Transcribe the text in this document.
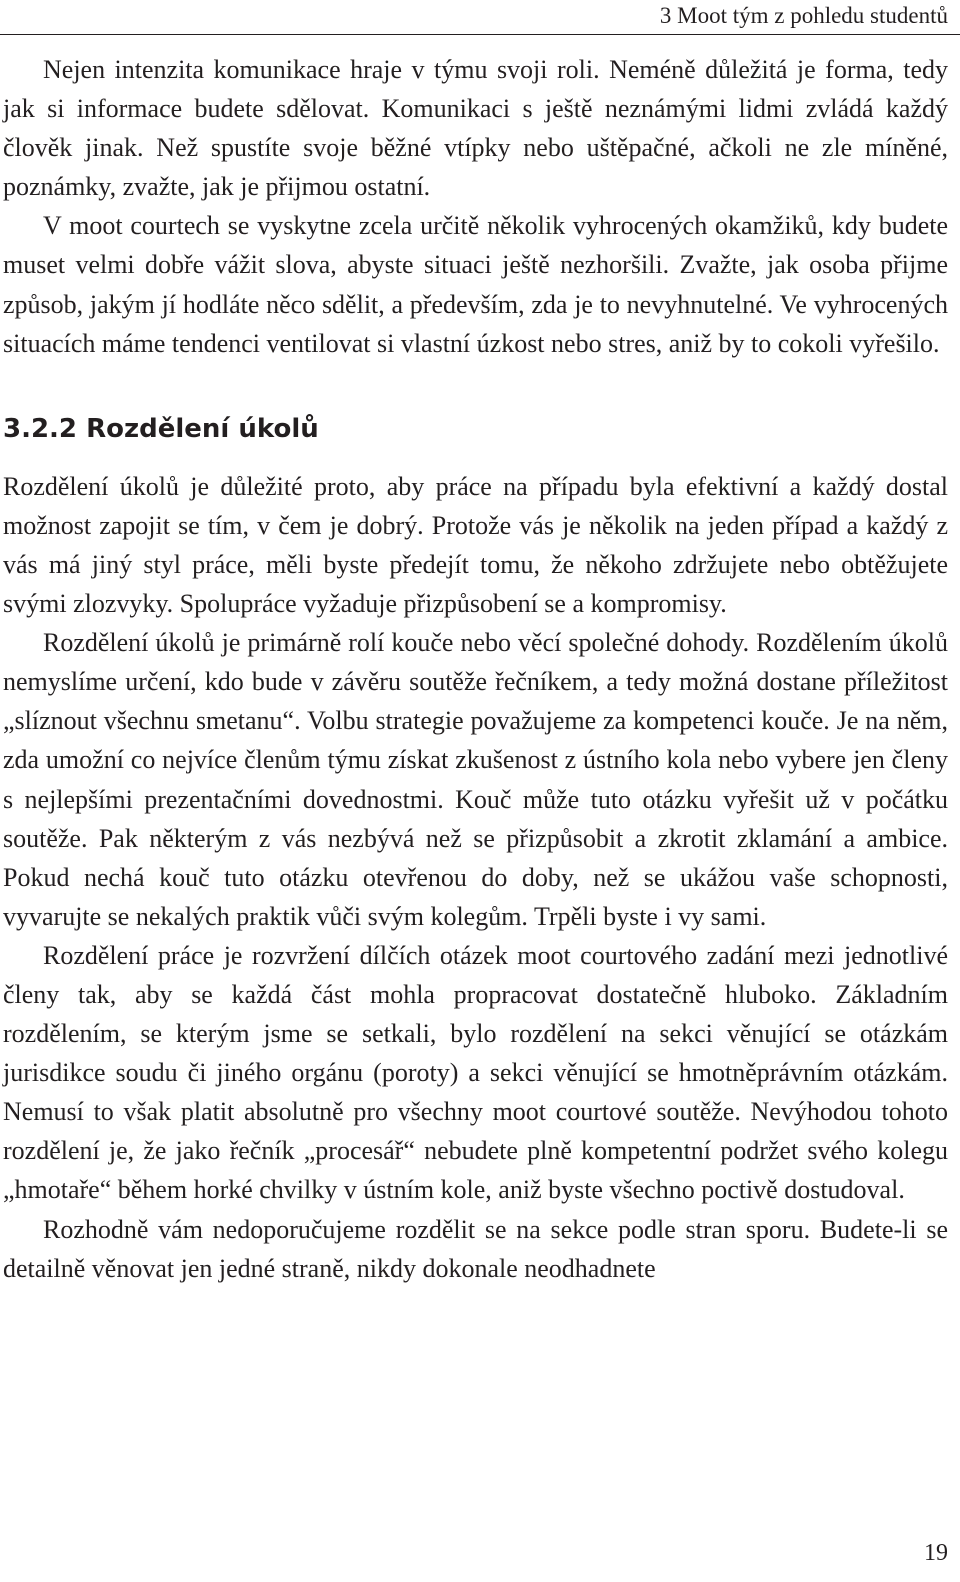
3 Moot tým z pohledu studentů

Nejen intenzita komunikace hraje v týmu svoji roli. Neméně důležitá je forma, tedy jak si informace budete sdělovat. Komunikaci s ještě neznámými lidmi zvládá každý člověk jinak. Než spustíte svoje běžné vtípky nebo uštěpačné, ačkoli ne zle míněné, poznámky, zvažte, jak je přijmou ostatní.

V moot courtech se vyskytne zcela určitě několik vyhrocených okamžiků, kdy budete muset velmi dobře vážit slova, abyste situaci ještě nezhoršili. Zvažte, jak osoba přijme způsob, jakým jí hodláte něco sdělit, a především, zda je to nevyhnutelné. Ve vyhrocených situacích máme tendenci ventilovat si vlastní úzkost nebo stres, aniž by to cokoli vyřešilo.

3.2.2 Rozdělení úkolů

Rozdělení úkolů je důležité proto, aby práce na případu byla efektivní a každý dostal možnost zapojit se tím, v čem je dobrý. Protože vás je několik na jeden případ a každý z vás má jiný styl práce, měli byste předejít tomu, že někoho zdržujete nebo obtěžujete svými zlozvyky. Spolupráce vyžaduje přizpůsobení se a kompromisy.

Rozdělení úkolů je primárně rolí kouče nebo věcí společné dohody. Rozdělením úkolů nemyslíme určení, kdo bude v závěru soutěže řečníkem, a tedy možná dostane příležitost „slíznout všechnu smetanu“. Volbu strategie považujeme za kompetenci kouče. Je na něm, zda umožní co nejvíce členům týmu získat zkušenost z ústního kola nebo vybere jen členy s nejlepšími prezentačními dovednostmi. Kouč může tuto otázku vyřešit už v počátku soutěže. Pak některým z vás nezbývá než se přizpůsobit a zkrotit zklamání a ambice. Pokud nechá kouč tuto otázku otevřenou do doby, než se ukážou vaše schopnosti, vyvarujte se nekalých praktik vůči svým kolegům. Trpěli byste i vy sami.

Rozdělení práce je rozvržení dílčích otázek moot courtového zadání mezi jednotlivé členy tak, aby se každá část mohla propracovat dostatečně hluboko. Základním rozdělením, se kterým jsme se setkali, bylo rozdělení na sekci věnující se otázkám jurisdikce soudu či jiného orgánu (poroty) a sekci věnující se hmotněprávním otázkám. Nemusí to však platit absolutně pro všechny moot courtové soutěže. Nevýhodou tohoto rozdělení je, že jako řečník „procesář“ nebudete plně kompetentní podržet svého kolegu „hmotaře“ během horké chvilky v ústním kole, aniž byste všechno poctivě dostudoval.

Rozhodně vám nedoporučujeme rozdělit se na sekce podle stran sporu. Budete-li se detailně věnovat jen jedné straně, nikdy dokonale neodhadnete

19
